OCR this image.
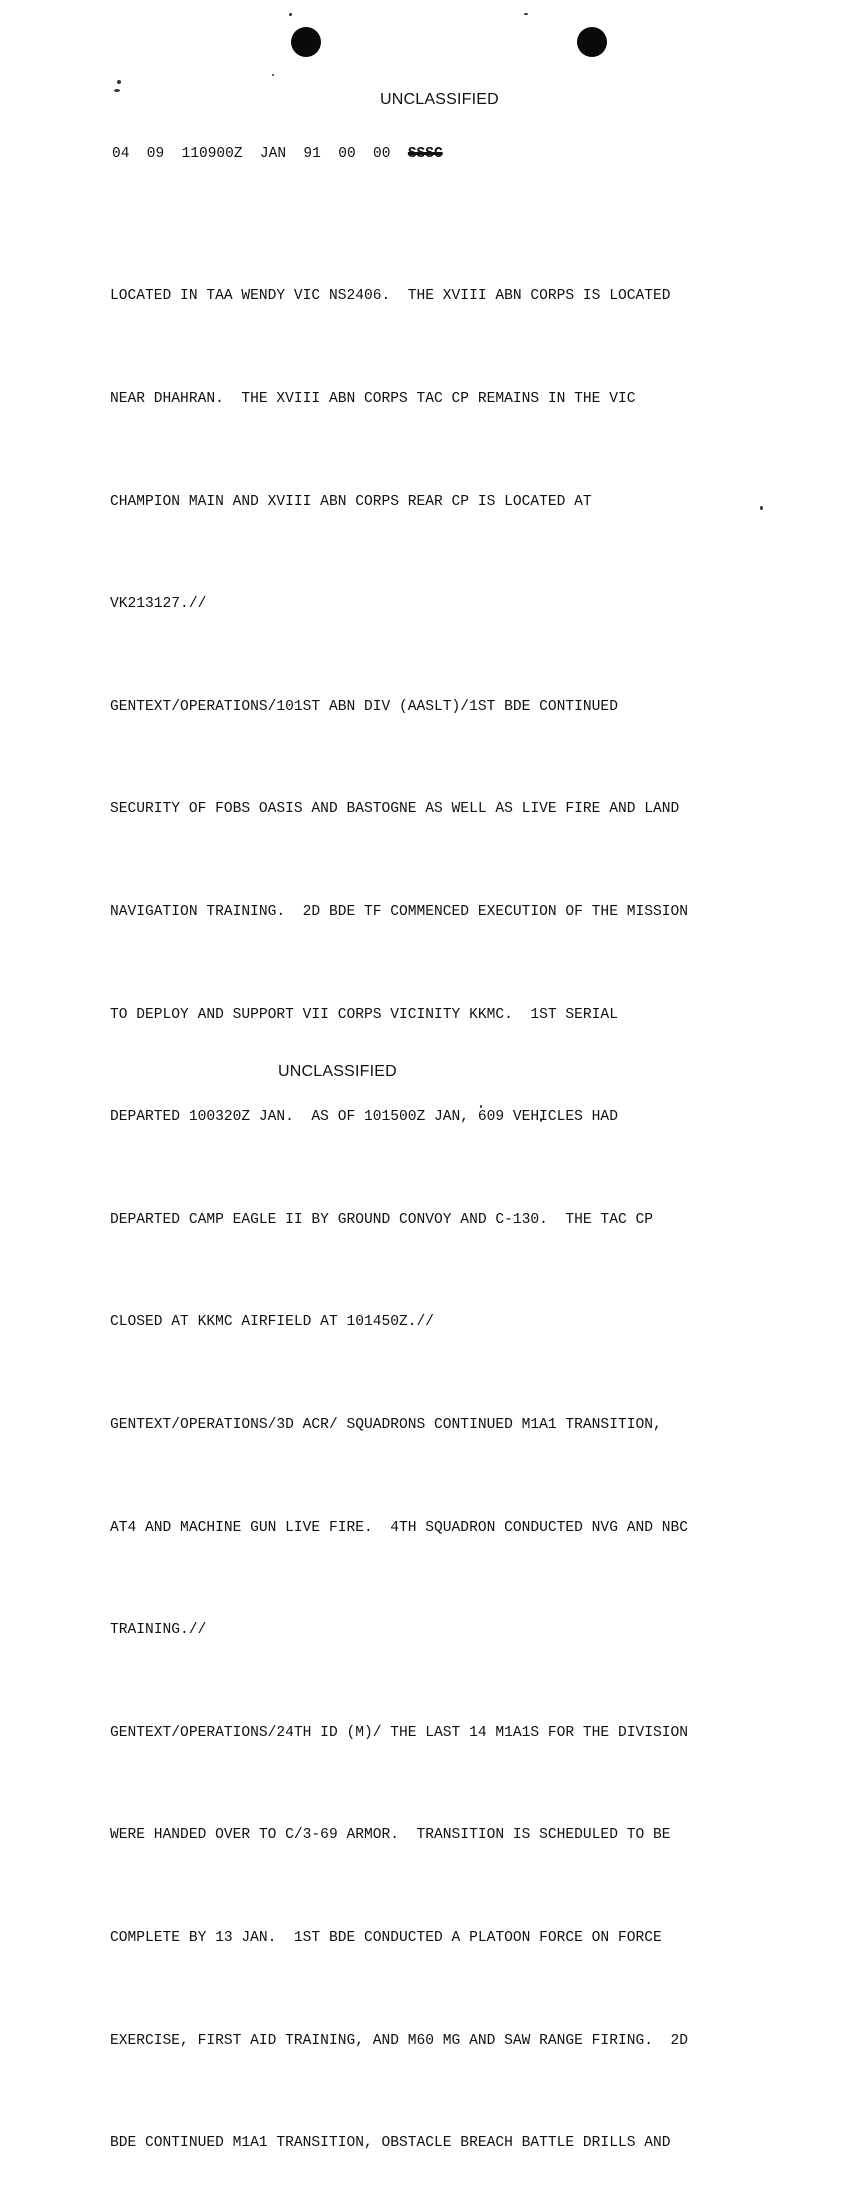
UNCLASSIFIED
04  09  110900Z  JAN  91  00  00  SSSC

LOCATED IN TAA WENDY VIC NS2406.  THE XVIII ABN CORPS IS LOCATED

NEAR DHAHRAN.  THE XVIII ABN CORPS TAC CP REMAINS IN THE VIC

CHAMPION MAIN AND XVIII ABN CORPS REAR CP IS LOCATED AT

VK213127.//

GENTEXT/OPERATIONS/101ST ABN DIV (AASLT)/1ST BDE CONTINUED

SECURITY OF FOBS OASIS AND BASTOGNE AS WELL AS LIVE FIRE AND LAND

NAVIGATION TRAINING.  2D BDE TF COMMENCED EXECUTION OF THE MISSION

TO DEPLOY AND SUPPORT VII CORPS VICINITY KKMC.  1ST SERIAL

DEPARTED 100320Z JAN.  AS OF 101500Z JAN, 609 VEHICLES HAD

DEPARTED CAMP EAGLE II BY GROUND CONVOY AND C-130.  THE TAC CP

CLOSED AT KKMC AIRFIELD AT 101450Z.//

GENTEXT/OPERATIONS/3D ACR/ SQUADRONS CONTINUED M1A1 TRANSITION,

AT4 AND MACHINE GUN LIVE FIRE.  4TH SQUADRON CONDUCTED NVG AND NBC

TRAINING.//

GENTEXT/OPERATIONS/24TH ID (M)/ THE LAST 14 M1A1S FOR THE DIVISION

WERE HANDED OVER TO C/3-69 ARMOR.  TRANSITION IS SCHEDULED TO BE

COMPLETE BY 13 JAN.  1ST BDE CONDUCTED A PLATOON FORCE ON FORCE

EXERCISE, FIRST AID TRAINING, AND M60 MG AND SAW RANGE FIRING.  2D

BDE CONTINUED M1A1 TRANSITION, OBSTACLE BREACH BATTLE DRILLS AND

UNCLASSIFIED
